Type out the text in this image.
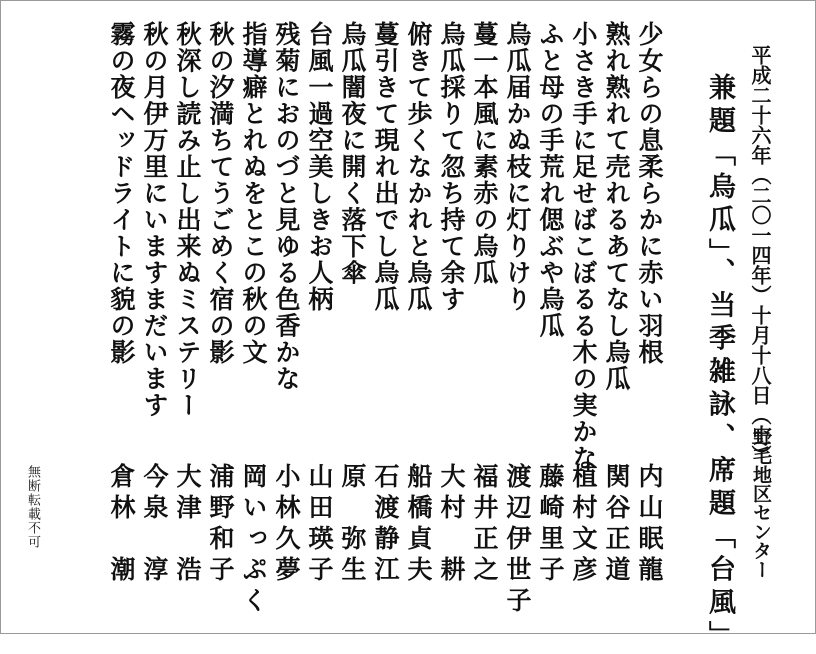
平成二十六年（二〇一四年）十月十八日（土）
野毛地区センター
兼題「烏瓜」、当季雑詠、席題「台風」
少女らの息柔らかに赤い羽根
熟れ熟れて売れるあてなし烏瓜
小さき手に足せばこぼるる木の実かな
ふと母の手荒れ偲ぶや烏瓜
烏瓜届かぬ枝に灯りけり
蔓一本風に素赤の烏瓜
烏瓜採りて忽ち持て余す
俯きて歩くなかれと烏瓜
蔓引きて現れ出でし烏瓜
烏瓜闇夜に開く落下傘
台風一過空美しきお人柄
残菊におのづと見ゆる色香かな
指導癖とれぬをとこの秋の文
秋の汐満ちてうごめく宿の影
秋深し読み止し出来ぬミステリー
秋の月伊万里にいますまだいます
霧の夜ヘッドライトに貌の影
内山眠龍
関谷正道
植村文彦
藤崎里子
渡辺伊世子
福井正之
大村　耕
船橋貞夫
石渡静江
原　弥生
山田瑛子
小林久夢
岡いっぷく
浦野和子
大津　浩
今泉　淳
倉林　潮
無断転載不可
